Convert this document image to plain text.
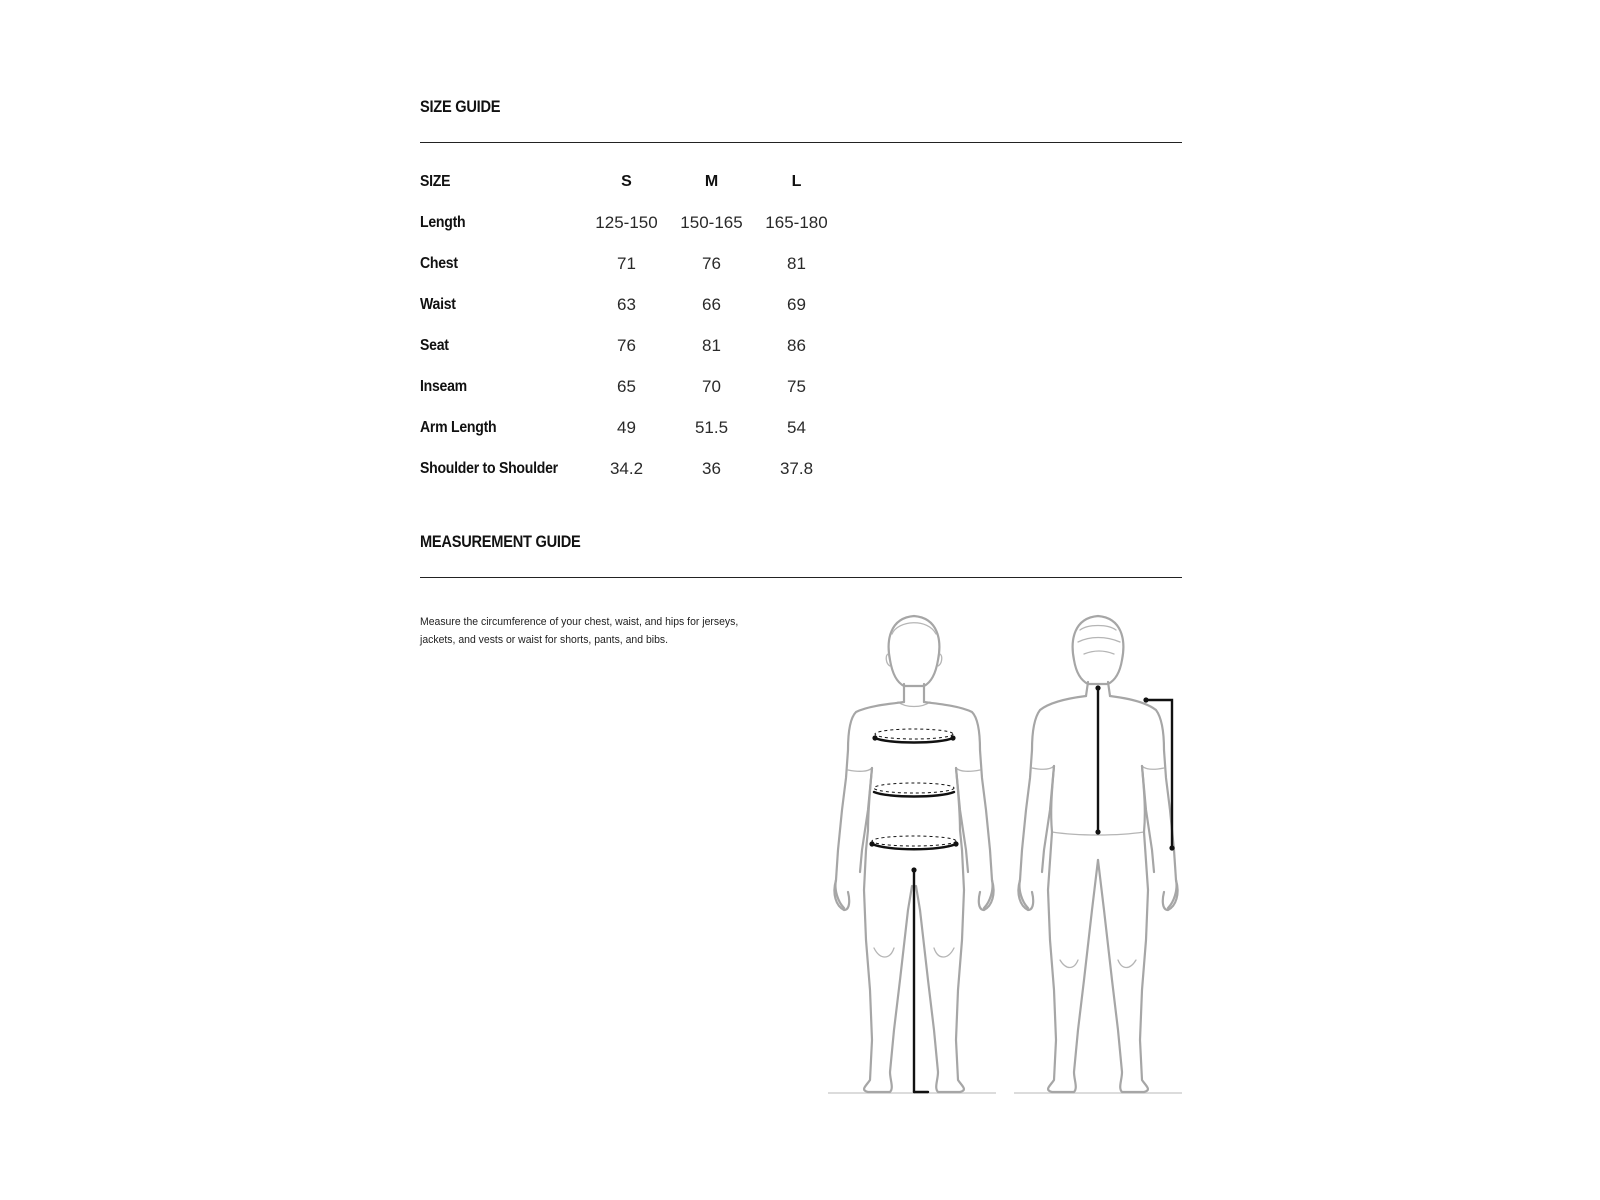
SIZE GUIDE
SIZE	S	M	L
Length	125-150	150-165	165-180
Chest	71	76	81
Waist	63	66	69
Seat	76	81	86
Inseam	65	70	75
Arm Length	49	51.5	54
Shoulder to Shoulder	34.2	36	37.8
MEASUREMENT GUIDE

Measure the circumference of your chest, waist, and hips for jerseys, jackets, and vests or waist for shorts, pants, and bibs.
